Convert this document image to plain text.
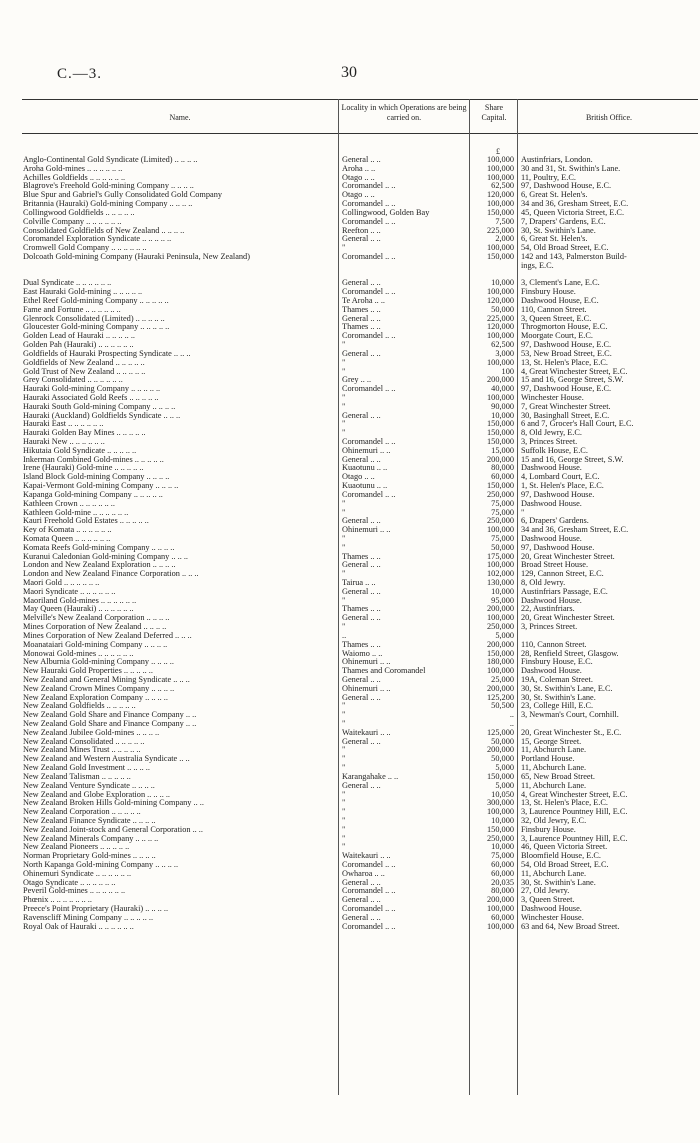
C.—3.	30
Name.
Locality in which Operations are being carried on.
Share Capital.	British Office.
£
Anglo-Continental Gold Syndicate (Limited) .. .. .. ..	General .. ..	100,000 Austinfriars, London.
Aroha Gold-mines .. .. .. .. .. ..	Aroha .. ..	100,000 30 and 31, St. Swithin's Lane.
Achilles Goldfields .. .. .. .. .. ..	Otago .. ..	100,000 11, Poultry, E.C.
Blagrove's Freehold Gold-mining Company .. .. .. ..	Coromandel .. ..	62,500 97, Dashwood House, E.C.
Blue Spur and Gabriel's Gully Consolidated Gold Company	Otago .. ..	120,000 6, Great St. Helen's.
Britannia (Hauraki) Gold-mining Company .. .. .. ..	Coromandel .. ..	100,000 34 and 36, Gresham Street, E.C.
Collingwood Goldfields .. .. .. .. ..	Collingwood, Golden Bay	150,000 45, Queen Victoria Street, E.C.
Colville Company .. .. .. .. .. ..	Coromandel .. ..	7,500 7, Drapers' Gardens, E.C.
Consolidated Goldfields of New Zealand .. .. .. ..	Reefton .. ..	225,000 30, St. Swithin's Lane.
Coromandel Exploration Syndicate .. .. .. .. ..	General .. ..	2,000 6, Great St. Helen's.
Cromwell Gold Company .. .. .. .. .. ..	"	100,000 54, Old Broad Street, E.C.
Dolcoath Gold-mining Company (Hauraki Peninsula, New Zealand)	Coromandel .. ..	150,000 142 and 143, Palmerston Build-
ings, E.C.
Dual Syndicate .. .. .. .. .. ..	General .. ..	10,000 3, Clement's Lane, E.C.
East Hauraki Gold-mining .. .. .. .. ..	Coromandel .. ..	100,000 Finsbury House.
Ethel Reef Gold-mining Company .. .. .. .. ..	Te Aroha .. ..	120,000 Dashwood House, E.C.
Fame and Fortune .. .. .. .. .. ..	Thames .. ..	50,000 110, Cannon Street.
Glenrock Consolidated (Limited) .. .. .. .. ..	General .. ..	225,000 3, Queen Street, E.C.
Gloucester Gold-mining Company .. .. .. .. ..	Thames .. ..	120,000 Throgmorton House, E.C.
Golden Lead of Hauraki .. .. .. .. ..	Coromandel .. ..	100,000 Moorgate Court, E.C.
Golden Pah (Hauraki) .. .. .. .. .. ..	"	62,500 97, Dashwood House, E.C.
Goldfields of Hauraki Prospecting Syndicate .. .. ..	General .. ..	3,000 53, New Broad Street, E.C.
Goldfields of New Zealand .. .. .. .. ..	"	100,000 13, St. Helen's Place, E.C.
Gold Trust of New Zealand .. .. .. .. ..	"	100 4, Great Winchester Street, E.C.
Grey Consolidated .. .. .. .. .. ..	Grey .. ..	200,000 15 and 16, George Street, S.W.
Hauraki Gold-mining Company .. .. .. .. ..	Coromandel .. ..	40,000 97, Dashwood House, E.C.
Hauraki Associated Gold Reefs .. .. .. .. ..	"	100,000 Winchester House.
Hauraki South Gold-mining Company .. .. .. ..	"	90,000 7, Great Winchester Street.
Hauraki (Auckland) Goldfields Syndicate .. .. ..	General .. ..	10,000 30, Basinghall Street, E.C.
Hauraki East .. .. .. .. .. ..	"	150,000 6 and 7, Grocer's Hall Court, E.C.
Hauraki Golden Bay Mines .. .. .. .. ..	"	150,000 8, Old Jewry, E.C.
Hauraki New .. .. .. .. .. ..	Coromandel .. ..	150,000 3, Princes Street.
Hikutaia Gold Syndicate .. .. .. .. ..	Ohinemuri .. ..	15,000 Suffolk House, E.C.
Inkerman Combined Gold-mines .. .. .. .. ..	General .. ..	200,000 15 and 16, George Street, S.W.
Irene (Hauraki) Gold-mine .. .. .. .. ..	Kuaotunu .. ..	80,000 Dashwood House.
Island Block Gold-mining Company .. .. .. ..	Otago .. ..	60,000 4, Lombard Court, E.C.
Kapai-Vermont Gold-mining Company .. .. .. ..	Kuaotunu .. ..	150,000 1, St. Helen's Place, E.C.
Kapanga Gold-mining Company .. .. .. .. ..	Coromandel .. ..	250,000 97, Dashwood House.
Kathleen Crown .. .. .. .. .. ..	"	75,000 Dashwood House.
Kathleen Gold-mine .. .. .. .. .. ..	"	75,000 "
Kauri Freehold Gold Estates .. .. .. .. ..	General .. ..	250,000 6, Drapers' Gardens.
Key of Komata .. .. .. .. .. ..	Ohinemuri .. ..	100,000 34 and 36, Gresham Street, E.C.
Komata Queen .. .. .. .. .. ..	"	75,000 Dashwood House.
Komata Reefs Gold-mining Company .. .. .. ..	"	50,000 97, Dashwood House.
Kuranui Caledonian Gold-mining Company .. .. ..	Thames .. ..	175,000 20, Great Winchester Street.
London and New Zealand Exploration .. .. .. ..	General .. ..	100,000 Broad Street House.
London and New Zealand Finance Corporation .. .. ..	"	102,000 129, Cannon Street, E.C.
Maori Gold .. .. .. .. .. ..	Tairua .. ..	130,000 8, Old Jewry.
Maori Syndicate .. .. .. .. .. ..	General .. ..	10,000 Austinfriars Passage, E.C.
Maoriland Gold-mines .. .. .. .. .. ..	"	95,000 Dashwood House.
May Queen (Hauraki) .. .. .. .. .. ..	Thames .. ..	200,000 22, Austinfriars.
Melville's New Zealand Corporation .. .. .. ..	General .. ..	100,000 20, Great Winchester Street.
Mines Corporation of New Zealand .. .. .. ..	"	250,000 3, Princes Street.
Mines Corporation of New Zealand Deferred .. .. ..	..	5,000
Moanataiari Gold-mining Company .. .. .. ..	Thames .. ..	200,000 110, Cannon Street.
Monowai Gold-mines .. .. .. .. .. ..	Waiomo .. ..	150,000 28, Renfield Street, Glasgow.
New Alburnia Gold-mining Company .. .. .. ..	Ohinemuri .. ..	180,000 Finsbury House, E.C.
New Hauraki Gold Properties .. .. .. .. ..	Thames and Coromandel	100,000 Dashwood House.
New Zealand and General Mining Syndicate .. .. ..	General .. ..	25,000 19A, Coleman Street.
New Zealand Crown Mines Company .. .. .. ..	Ohinemuri .. ..	200,000 30, St. Swithin's Lane, E.C.
New Zealand Exploration Company .. .. .. ..	General .. ..	125,200 30, St. Swithin's Lane.
New Zealand Goldfields .. .. .. .. ..	"	50,500 23, College Hill, E.C.
New Zealand Gold Share and Finance Company .. ..	"	.. 3, Newman's Court, Cornhill.
New Zealand Gold Share and Finance Company .. ..	"	..
New Zealand Jubilee Gold-mines .. .. .. ..	Waitekauri .. ..	125,000 20, Great Winchester St., E.C.
New Zealand Consolidated .. .. .. .. ..	General .. ..	50,000 15, George Street.
New Zealand Mines Trust .. .. .. .. ..	"	200,000 11, Abchurch Lane.
New Zealand and Western Australia Syndicate .. ..	"	50,000 Portland House.
New Zealand Gold Investment .. .. .. ..	"	5,000 11, Abchurch Lane.
New Zealand Talisman .. .. .. .. ..	Karangahake .. ..	150,000 65, New Broad Street.
New Zealand Venture Syndicate .. .. .. ..	General .. ..	5,000 11, Abchurch Lane.
New Zealand and Globe Exploration .. .. .. ..	"	10,050 4, Great Winchester Street, E.C.
New Zealand Broken Hills Gold-mining Company .. ..	"	300,000 13, St. Helen's Place, E.C.
New Zealand Corporation .. .. .. .. ..	"	100,000 3, Laurence Pountney Hill, E.C.
New Zealand Finance Syndicate .. .. .. ..	"	10,000 32, Old Jewry, E.C.
New Zealand Joint-stock and General Corporation .. ..	"	150,000 Finsbury House.
New Zealand Minerals Company .. .. .. ..	"	250,000 3, Laurence Pountney Hill, E.C.
New Zealand Pioneers .. .. .. .. ..	"	10,000 46, Queen Victoria Street.
Norman Proprietary Gold-mines .. .. .. ..	Waitekauri .. ..	75,000 Bloomfield House, E.C.
North Kapanga Gold-mining Company .. .. .. ..	Coromandel .. ..	60,000 54, Old Broad Street, E.C.
Ohinemuri Syndicate .. .. .. .. .. ..	Owharoa .. ..	60,000 11, Abchurch Lane.
Otago Syndicate .. .. .. .. .. ..	General .. ..	20,035 30, St. Swithin's Lane.
Peveril Gold-mines .. .. .. .. .. ..	Coromandel .. ..	80,000 27, Old Jewry.
Phœnix .. .. .. .. .. .. ..	General .. ..	200,000 3, Queen Street.
Preece's Point Proprietary (Hauraki) .. .. .. ..	Coromandel .. ..	100,000 Dashwood House.
Ravenscliff Mining Company .. .. .. .. ..	General .. ..	60,000 Winchester House.
Royal Oak of Hauraki .. .. .. .. .. ..	Coromandel .. ..	100,000 63 and 64, New Broad Street.
